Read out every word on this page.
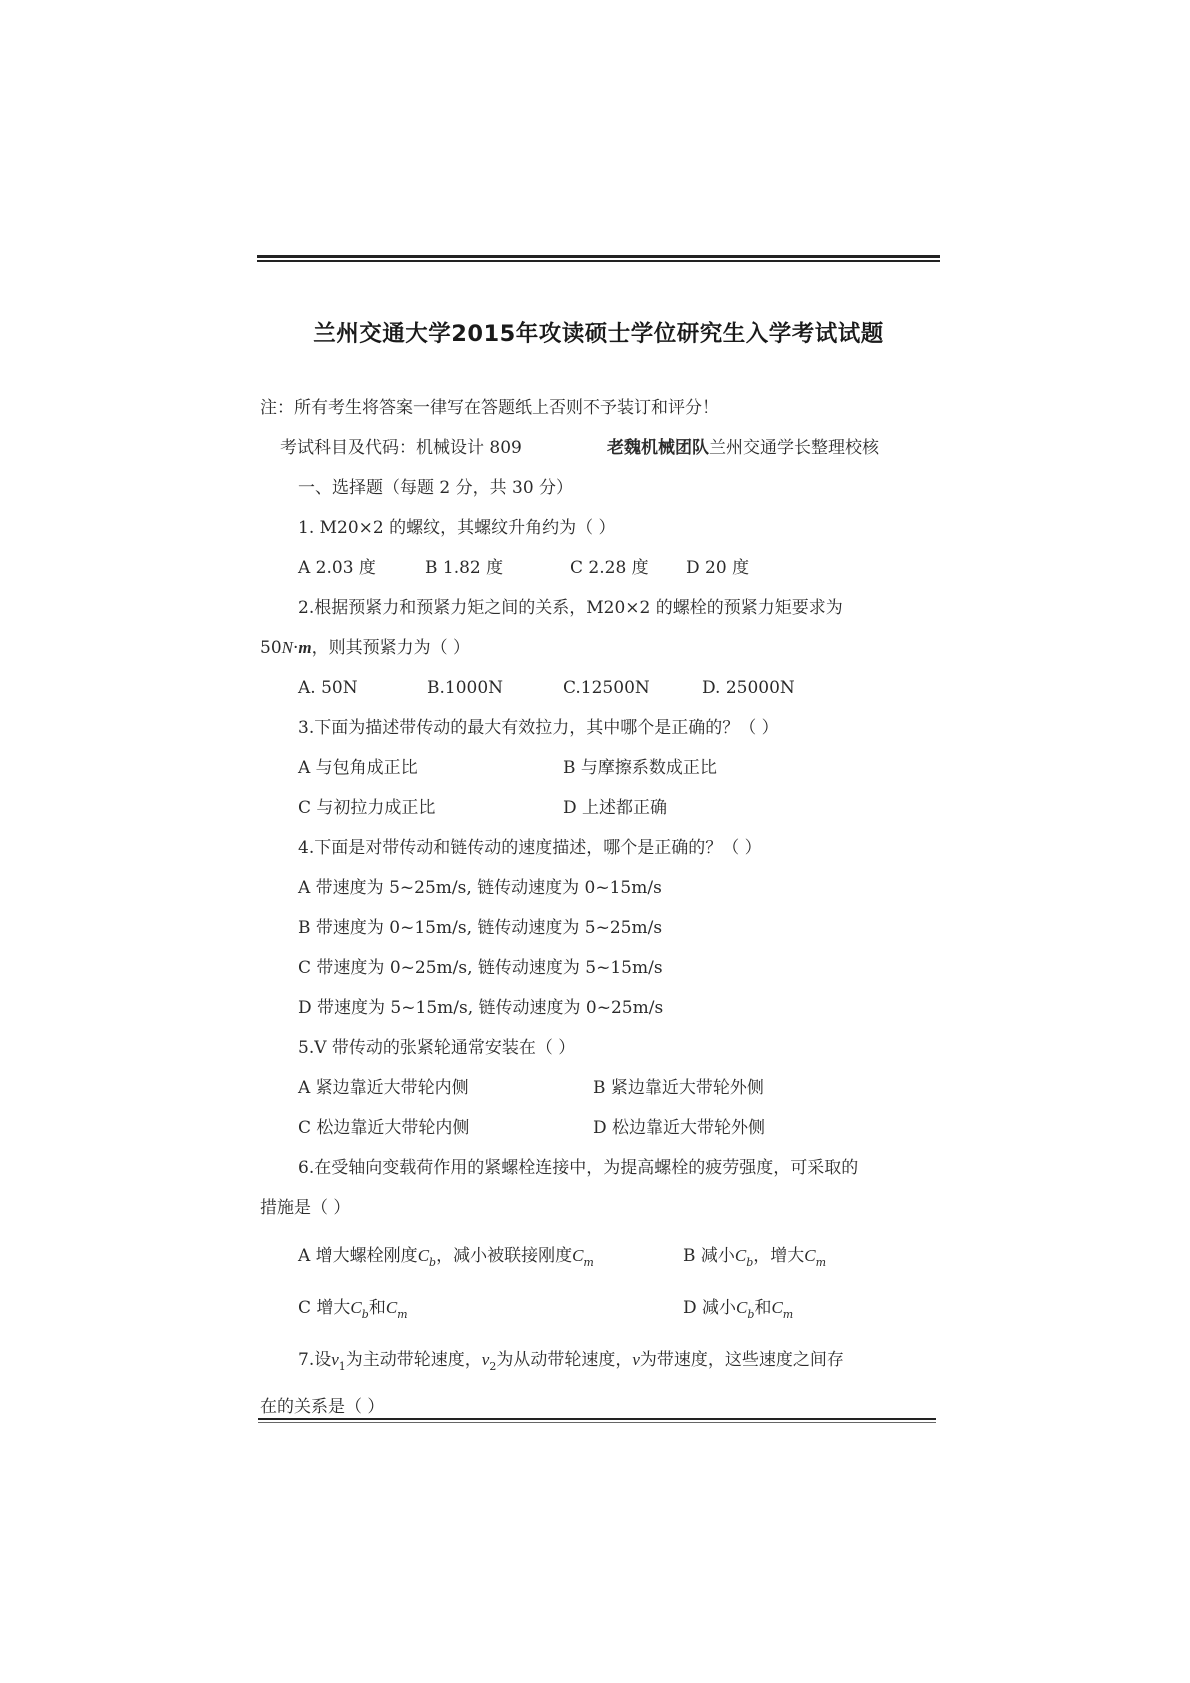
兰州交通大学2015年攻读硕士学位研究生入学考试试题
注：所有考生将答案一律写在答题纸上否则不予装订和评分！
考试科目及代码：机械设计 809	老魏机械团队兰州交通学长整理校核
一、选择题（每题 2 分，共 30 分）
1. M20×2 的螺纹，其螺纹升角约为（ ）
A 2.03 度	B 1.82 度	C 2.28 度 D 20 度
2.根据预紧力和预紧力矩之间的关系，M20×2 的螺栓的预紧力矩要求为
50N·m，则其预紧力为（ ）
A. 50N	B.1000N	C.12500N	D. 25000N
3.下面为描述带传动的最大有效拉力，其中哪个是正确的？（ ）
A 与包角成正比	B 与摩擦系数成正比
C 与初拉力成正比	D 上述都正确
4.下面是对带传动和链传动的速度描述，哪个是正确的？（ ）
A 带速度为 5~25m/s, 链传动速度为 0~15m/s
B 带速度为 0~15m/s, 链传动速度为 5~25m/s
C 带速度为 0~25m/s, 链传动速度为 5~15m/s
D 带速度为 5~15m/s, 链传动速度为 0~25m/s
5.V 带传动的张紧轮通常安装在（ ）
A 紧边靠近大带轮内侧	B 紧边靠近大带轮外侧
C 松边靠近大带轮内侧	D 松边靠近大带轮外侧
6.在受轴向变载荷作用的紧螺栓连接中，为提高螺栓的疲劳强度，可采取的
措施是（ ）
A 增大螺栓刚度$C_b$，减小被联接刚度$C_m$	B 减小$C_b$，增大$C_m$
C 增大$C_b$和$C_m$	D 减小$C_b$和$C_m$
7.设$v_1$为主动带轮速度，$v_2$为从动带轮速度，v为带速度，这些速度之间存
在的关系是（ ）
